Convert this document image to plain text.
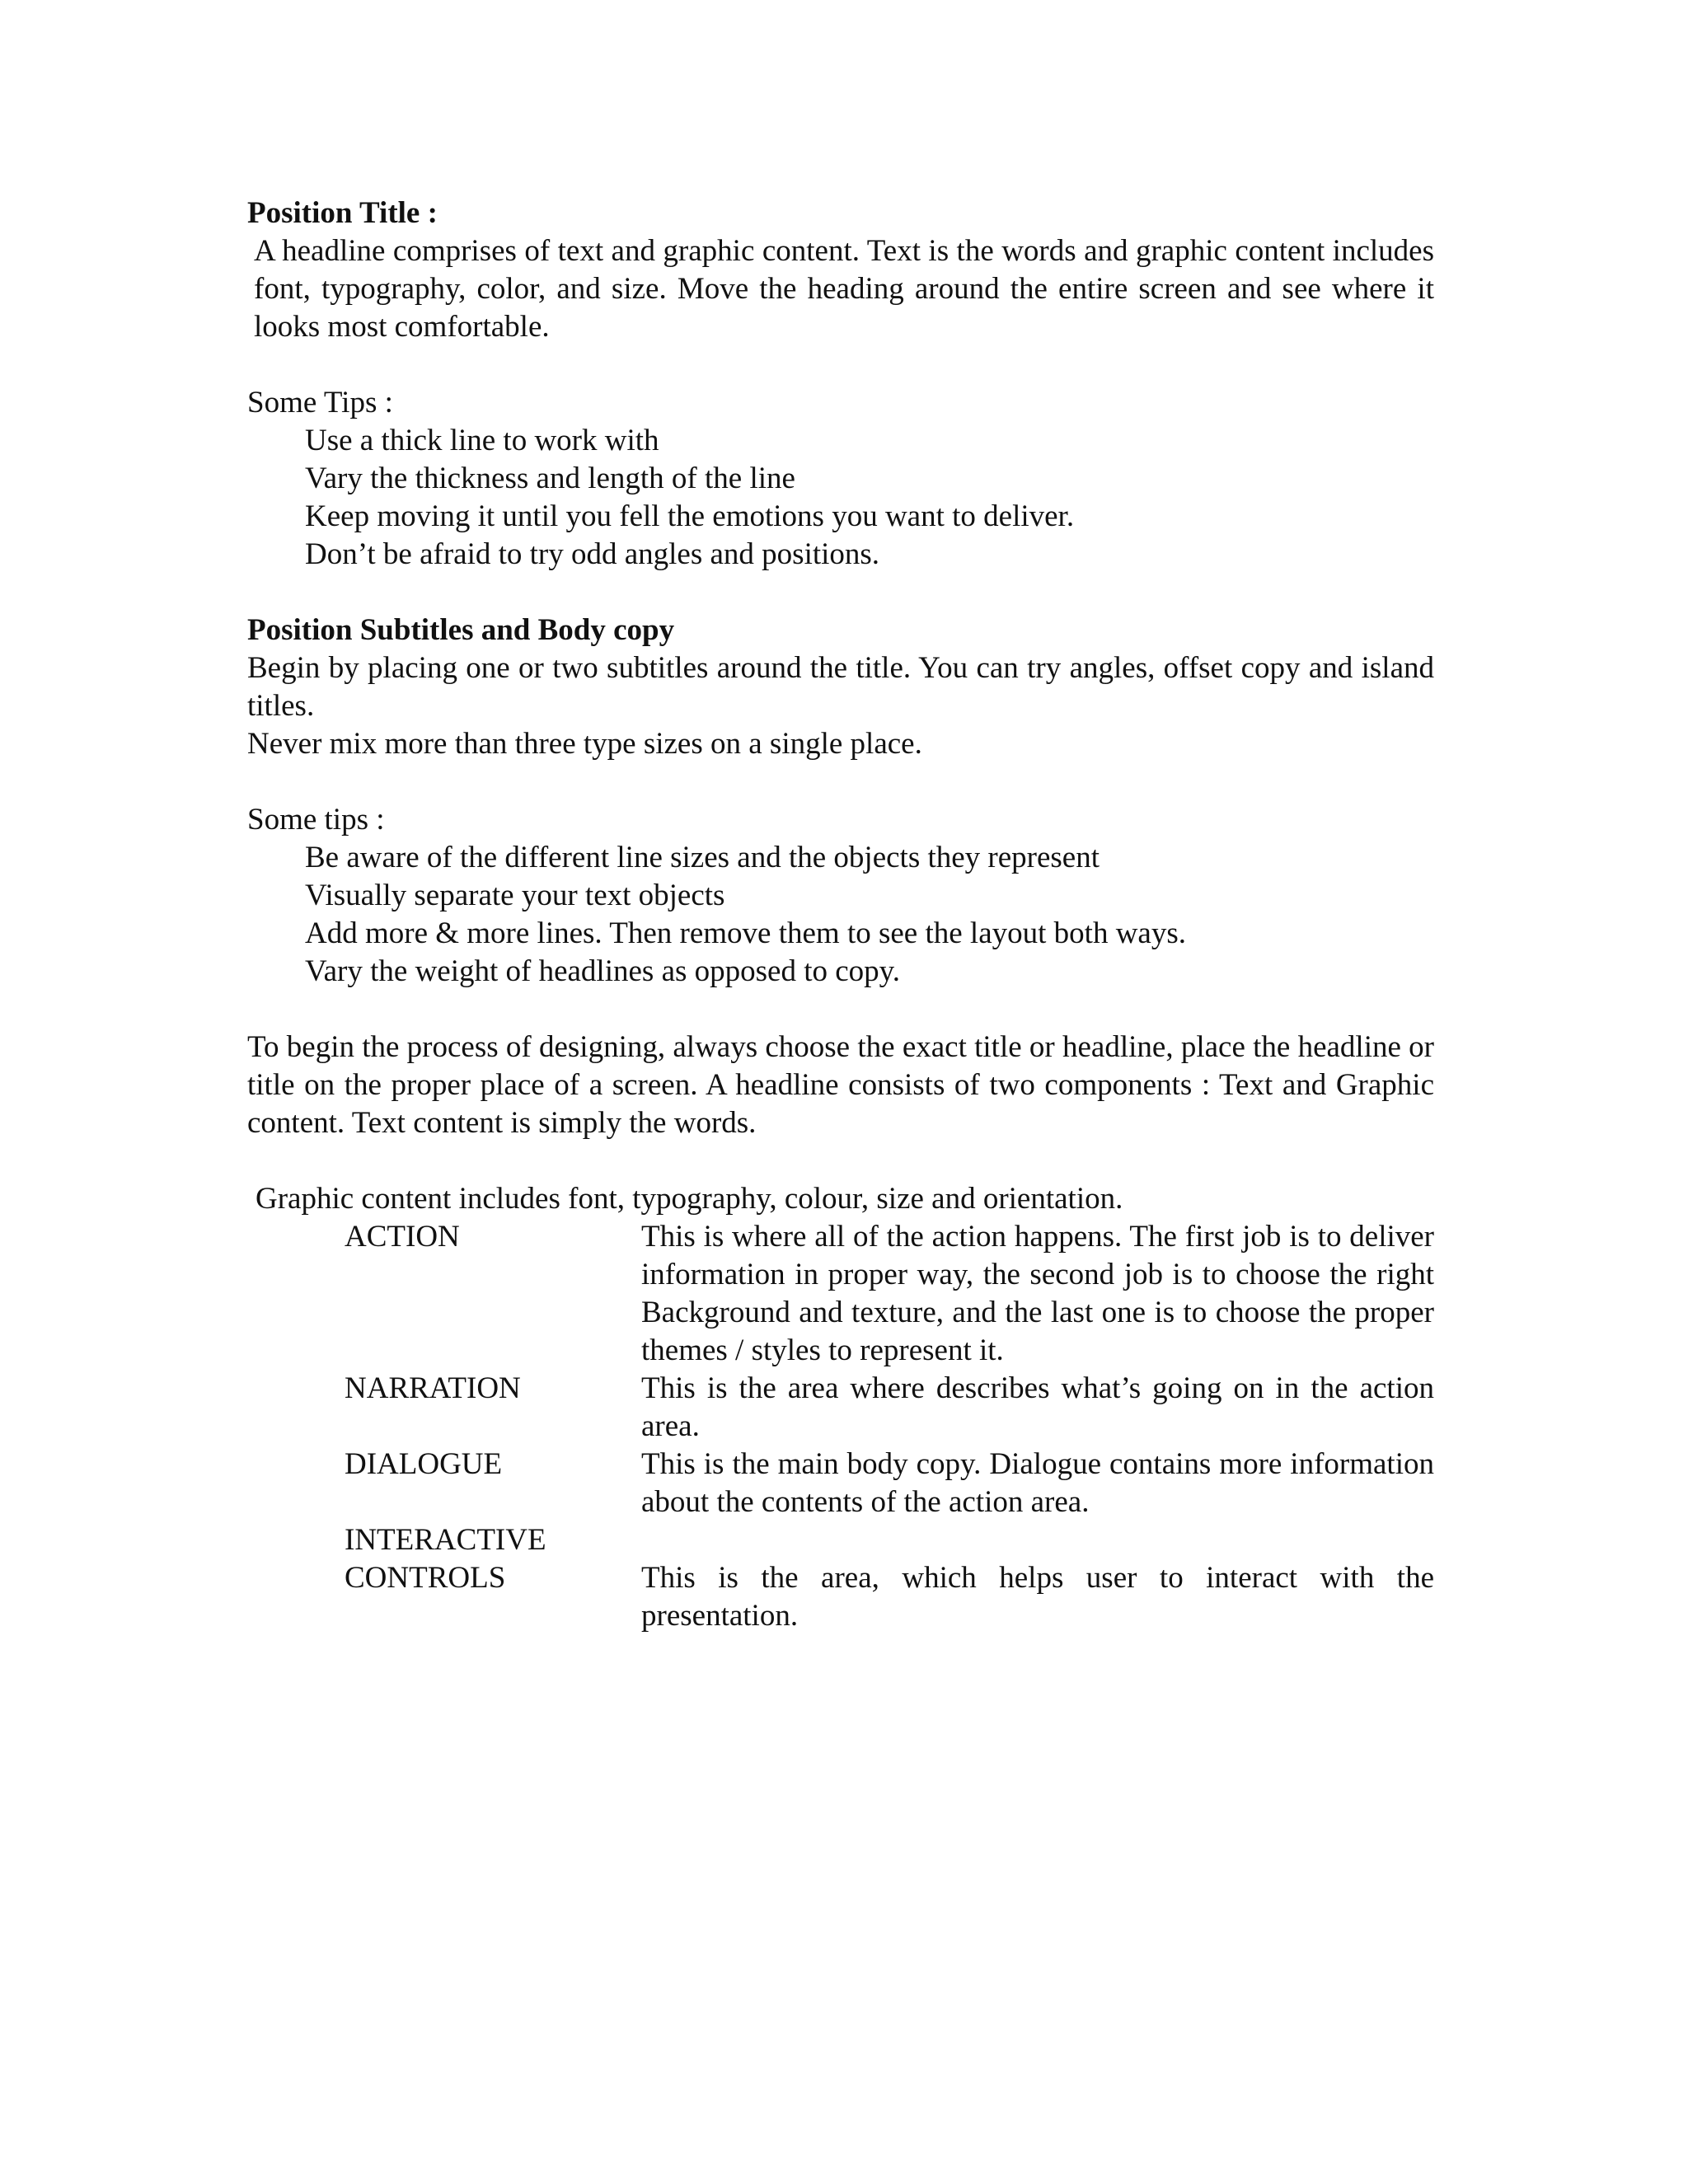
Position Title :

A headline comprises of text and graphic content. Text is the words and graphic content includes font, typography, color, and size. Move the heading around the entire screen and see where it looks most comfortable.

Some Tips :

Use a thick line to work with

Vary the thickness and length of the line

Keep moving it until you fell the emotions you want to deliver.

Don’t be afraid to try odd angles and positions.

Position Subtitles and Body copy

Begin by placing one or two subtitles around the title. You can try angles, offset copy and island titles.

Never mix more than three type sizes on a single place.

Some tips :

Be aware of the different line sizes and the objects they represent

Visually separate your text objects

Add more & more lines. Then remove them to see the layout both ways.

Vary the weight of headlines as opposed to copy.

To begin the process of designing, always choose the exact title or headline, place the headline or title on the proper place of a screen. A headline consists of two components : Text and Graphic content. Text content is simply the words.

Graphic content includes font, typography, colour, size and orientation.

ACTION	This is where all of the action happens. The first job is to deliver information in proper way, the second job is to choose the right Background and texture, and the last one is to choose the proper themes / styles to represent it.
NARRATION	This is the area where describes what’s going on in the action area.
DIALOGUE	This is the main body copy. Dialogue contains more information about the contents of the action area.
INTERACTIVE
CONTROLS	This is the area, which helps user to interact with the presentation.
